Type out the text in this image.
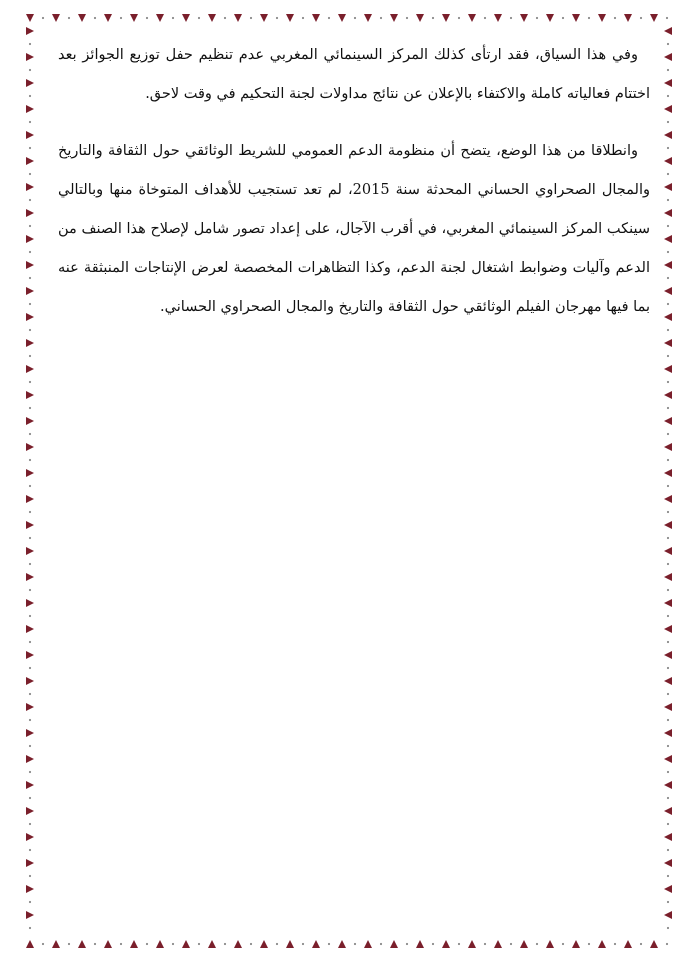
وفي هذا السياق، فقد ارتأى كذلك المركز السينمائي المغربي عدم تنظيم حفل توزيع الجوائز بعد اختتام فعالياته كاملة والاكتفاء بالإعلان عن نتائج مداولات لجنة التحكيم في وقت لاحق.

وانطلاقا من هذا الوضع، يتضح أن منظومة الدعم العمومي للشريط الوثائقي حول الثقافة والتاريخ والمجال الصحراوي الحساني المحدثة سنة 2015، لم تعد تستجيب للأهداف المتوخاة منها وبالتالي سينكب المركز السينمائي المغربي، في أقرب الآجال، على إعداد تصور شامل لإصلاح هذا الصنف من الدعم وآليات وضوابط اشتغال لجنة الدعم، وكذا التظاهرات المخصصة لعرض الإنتاجات المنبثقة عنه بما فيها مهرجان الفيلم الوثائقي حول الثقافة والتاريخ والمجال الصحراوي الحساني.
